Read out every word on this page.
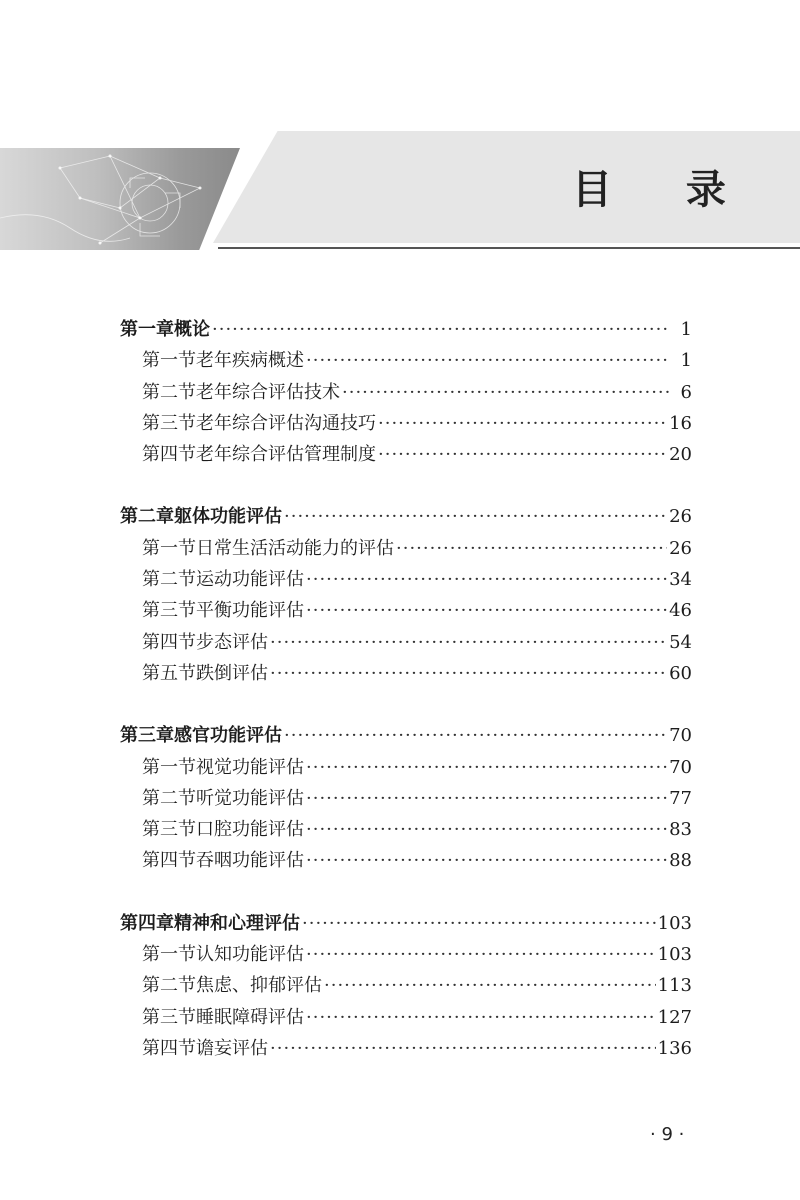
目 录
第一章 概论 ·····	1
第一节 老年疾病概述 ·····	1
第二节 老年综合评估技术 ·····	6
第三节 老年综合评估沟通技巧 ·····	16
第四节 老年综合评估管理制度 ·····	20
第二章 躯体功能评估 ·····	26
第一节 日常生活活动能力的评估 ·····	26
第二节 运动功能评估 ·····	34
第三节 平衡功能评估 ·····	46
第四节 步态评估 ·····	54
第五节 跌倒评估 ·····	60
第三章 感官功能评估 ·····	70
第一节 视觉功能评估 ·····	70
第二节 听觉功能评估 ·····	77
第三节 口腔功能评估 ·····	83
第四节 吞咽功能评估 ·····	88
第四章 精神和心理评估 ·····	103
第一节 认知功能评估 ·····	103
第二节 焦虑、抑郁评估 ·····	113
第三节 睡眠障碍评估 ·····	127
第四节 谵妄评估 ·····	136
· 9 ·
